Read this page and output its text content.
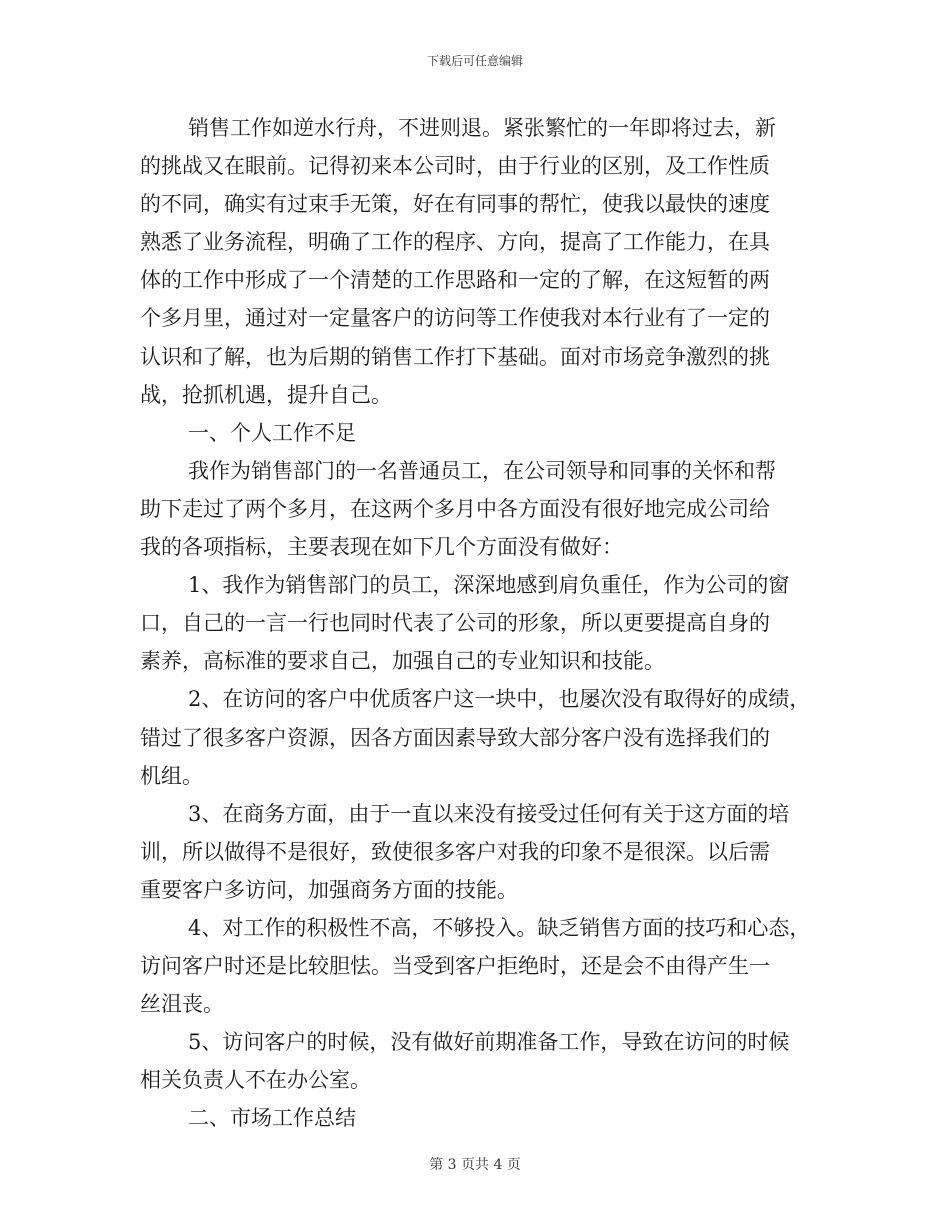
下载后可任意编辑
销售工作如逆水行舟，不进则退。紧张繁忙的一年即将过去，新
的挑战又在眼前。记得初来本公司时，由于行业的区别，及工作性质
的不同，确实有过束手无策，好在有同事的帮忙，使我以最快的速度
熟悉了业务流程，明确了工作的程序、方向，提高了工作能力，在具
体的工作中形成了一个清楚的工作思路和一定的了解，在这短暂的两
个多月里，通过对一定量客户的访问等工作使我对本行业有了一定的
认识和了解，也为后期的销售工作打下基础。面对市场竞争激烈的挑
战，抢抓机遇，提升自己。
一、个人工作不足
我作为销售部门的一名普通员工，在公司领导和同事的关怀和帮
助下走过了两个多月，在这两个多月中各方面没有很好地完成公司给
我的各项指标，主要表现在如下几个方面没有做好：
1、我作为销售部门的员工，深深地感到肩负重任，作为公司的窗
口，自己的一言一行也同时代表了公司的形象，所以更要提高自身的
素养，高标准的要求自己，加强自己的专业知识和技能。
2、在访问的客户中优质客户这一块中，也屡次没有取得好的成绩，
错过了很多客户资源，因各方面因素导致大部分客户没有选择我们的
机组。
3、在商务方面，由于一直以来没有接受过任何有关于这方面的培
训，所以做得不是很好，致使很多客户对我的印象不是很深。以后需
重要客户多访问，加强商务方面的技能。
4、对工作的积极性不高，不够投入。缺乏销售方面的技巧和心态，
访问客户时还是比较胆怯。当受到客户拒绝时，还是会不由得产生一
丝沮丧。
5、访问客户的时候，没有做好前期准备工作，导致在访问的时候
相关负责人不在办公室。
二、市场工作总结
第 3 页共 4 页
